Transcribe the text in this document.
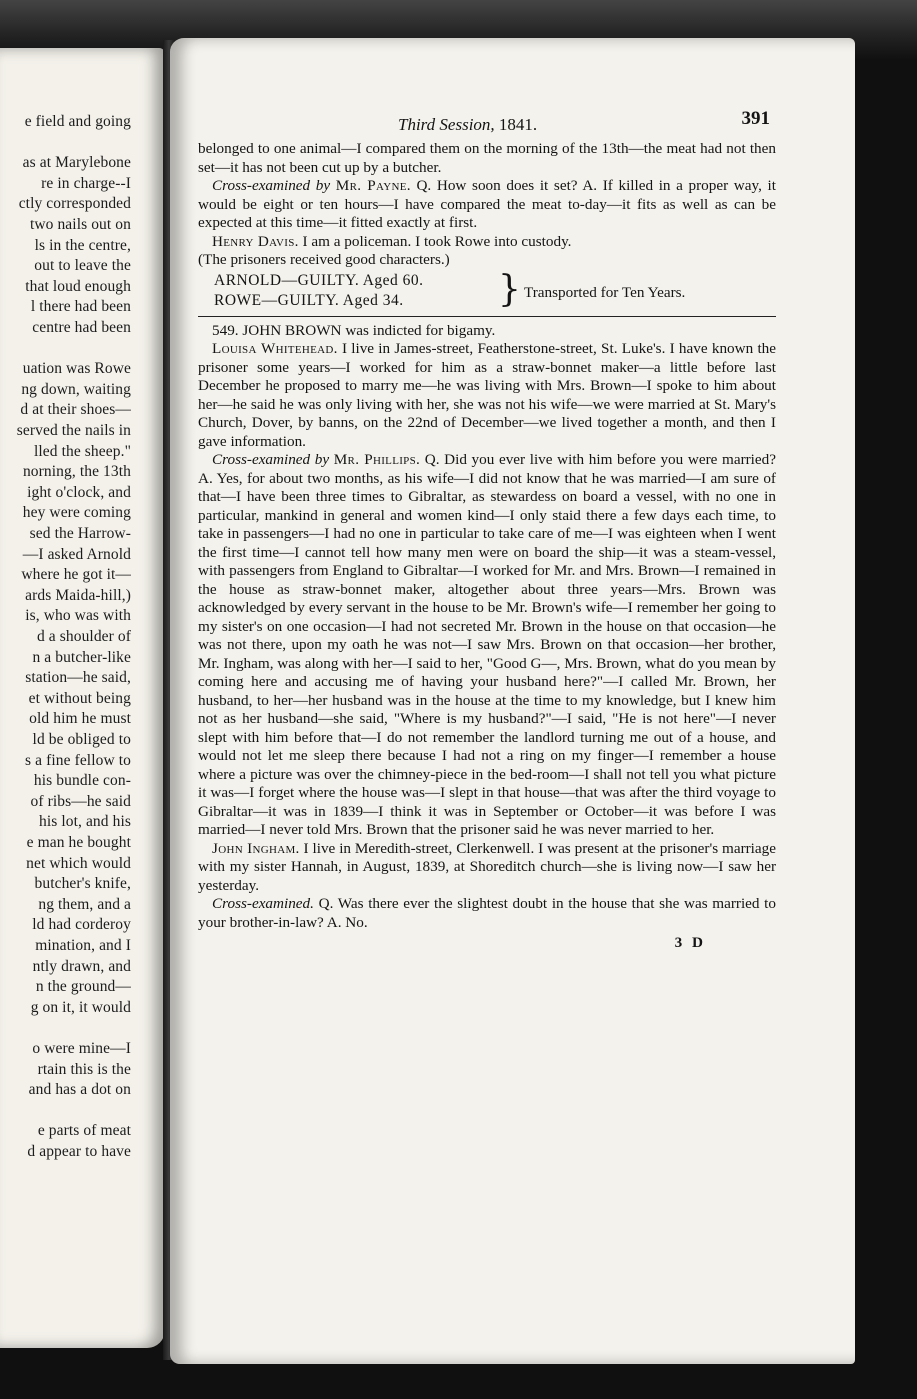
e field and going
as at Marylebone
re in charge--I
ctly corresponded
two nails out on
ls in the centre,
out to leave the
that loud enough
l there had been
centre had been
uation was Rowe
ng down, waiting
d at their shoes—
served the nails in
lled the sheep."
norning, the 13th
ight o'clock, and
hey were coming
sed the Harrow-
—I asked Arnold
where he got it—
ards Maida-hill,)
is, who was with
d a shoulder of
n a butcher-like
station—he said,
et without being
old him he must
ld be obliged to
s a fine fellow to
his bundle con-
of ribs—he said
his lot, and his
e man he bought
net which would
butcher's knife,
ng them, and a
ld had corderoy
mination, and I
ntly drawn, and
n the ground—
g on it, it would
o were mine—I
rtain this is the
and has a dot on
e parts of meat
d appear to have
Third Session, 1841.	391

belonged to one animal—I compared them on the morning of the 13th—the meat had not then set—it has not been cut up by a butcher.

Cross-examined by Mr. Payne. Q. How soon does it set? A. If killed in a proper way, it would be eight or ten hours—I have compared the meat to-day—it fits as well as can be expected at this time—it fitted exactly at first.

Henry Davis. I am a policeman. I took Rowe into custody.

(The prisoners received good characters.)

ARNOLD—GUILTY. Aged 60.
ROWE—GUILTY. Aged 34.	} Transported for Ten Years.

549. JOHN BROWN was indicted for bigamy.

Louisa Whitehead. I live in James-street, Featherstone-street, St. Luke's. I have known the prisoner some years—I worked for him as a straw-bonnet maker—a little before last December he proposed to marry me—he was living with Mrs. Brown—I spoke to him about her—he said he was only living with her, she was not his wife—we were married at St. Mary's Church, Dover, by banns, on the 22nd of December—we lived together a month, and then I gave information.

Cross-examined by Mr. Phillips. Q. Did you ever live with him before you were married? A. Yes, for about two months, as his wife—I did not know that he was married—I am sure of that—I have been three times to Gibraltar, as stewardess on board a vessel, with no one in particular, mankind in general and women kind—I only staid there a few days each time, to take in passengers—I had no one in particular to take care of me—I was eighteen when I went the first time—I cannot tell how many men were on board the ship—it was a steam-vessel, with passengers from England to Gibraltar—I worked for Mr. and Mrs. Brown—I remained in the house as straw-bonnet maker, altogether about three years—Mrs. Brown was acknowledged by every servant in the house to be Mr. Brown's wife—I remember her going to my sister's on one occasion—I had not secreted Mr. Brown in the house on that occasion—he was not there, upon my oath he was not—I saw Mrs. Brown on that occasion—her brother, Mr. Ingham, was along with her—I said to her, "Good G—, Mrs. Brown, what do you mean by coming here and accusing me of having your husband here?"—I called Mr. Brown, her husband, to her—her husband was in the house at the time to my knowledge, but I knew him not as her husband—she said, "Where is my husband?"—I said, "He is not here"—I never slept with him before that—I do not remember the landlord turning me out of a house, and would not let me sleep there because I had not a ring on my finger—I remember a house where a picture was over the chimney-piece in the bed-room—I shall not tell you what picture it was—I forget where the house was—I slept in that house—that was after the third voyage to Gibraltar—it was in 1839—I think it was in September or October—it was before I was married—I never told Mrs. Brown that the prisoner said he was never married to her.

John Ingham. I live in Meredith-street, Clerkenwell. I was present at the prisoner's marriage with my sister Hannah, in August, 1839, at Shoreditch church—she is living now—I saw her yesterday.

Cross-examined. Q. Was there ever the slightest doubt in the house that she was married to your brother-in-law? A. No.

3 D
